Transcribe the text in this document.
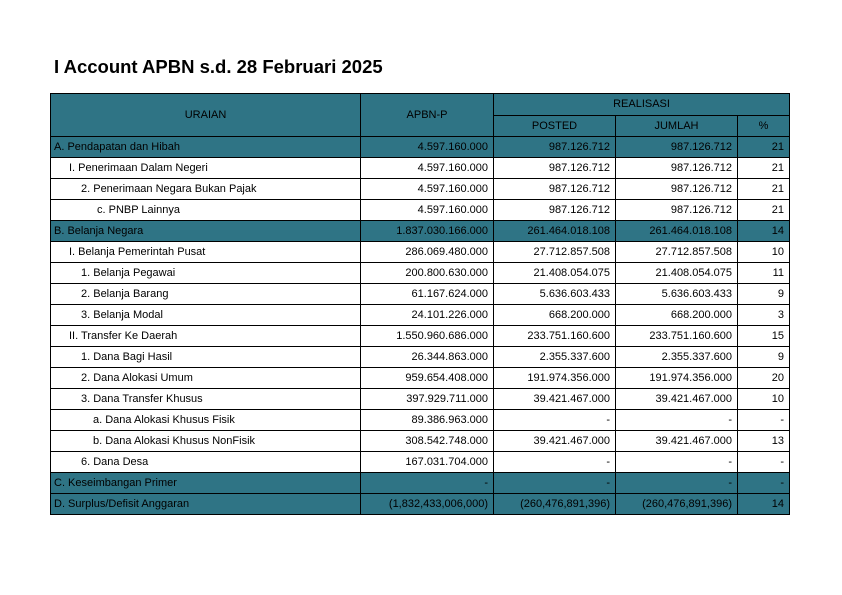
I Account APBN s.d. 28 Februari 2025
URAIAN	APBN-P	REALISASI		
		POSTED	JUMLAH	%
A. Pendapatan dan Hibah	4.597.160.000	987.126.712	987.126.712	21
I. Penerimaan Dalam Negeri	4.597.160.000	987.126.712	987.126.712	21
2. Penerimaan Negara Bukan Pajak	4.597.160.000	987.126.712	987.126.712	21
c. PNBP Lainnya	4.597.160.000	987.126.712	987.126.712	21
B. Belanja Negara	1.837.030.166.000	261.464.018.108	261.464.018.108	14
I. Belanja Pemerintah Pusat	286.069.480.000	27.712.857.508	27.712.857.508	10
1. Belanja Pegawai	200.800.630.000	21.408.054.075	21.408.054.075	11
2. Belanja Barang	61.167.624.000	5.636.603.433	5.636.603.433	9
3. Belanja Modal	24.101.226.000	668.200.000	668.200.000	3
II. Transfer Ke Daerah	1.550.960.686.000	233.751.160.600	233.751.160.600	15
1. Dana Bagi Hasil	26.344.863.000	2.355.337.600	2.355.337.600	9
2. Dana Alokasi Umum	959.654.408.000	191.974.356.000	191.974.356.000	20
3. Dana Transfer Khusus	397.929.711.000	39.421.467.000	39.421.467.000	10
a. Dana Alokasi Khusus Fisik	89.386.963.000	-	-	-
b. Dana Alokasi Khusus NonFisik	308.542.748.000	39.421.467.000	39.421.467.000	13
6. Dana Desa	167.031.704.000	-	-	-
C. Keseimbangan Primer	-	-	-	-
D. Surplus/Defisit Anggaran	(1,832,433,006,000)	(260,476,891,396)	(260,476,891,396)	14
